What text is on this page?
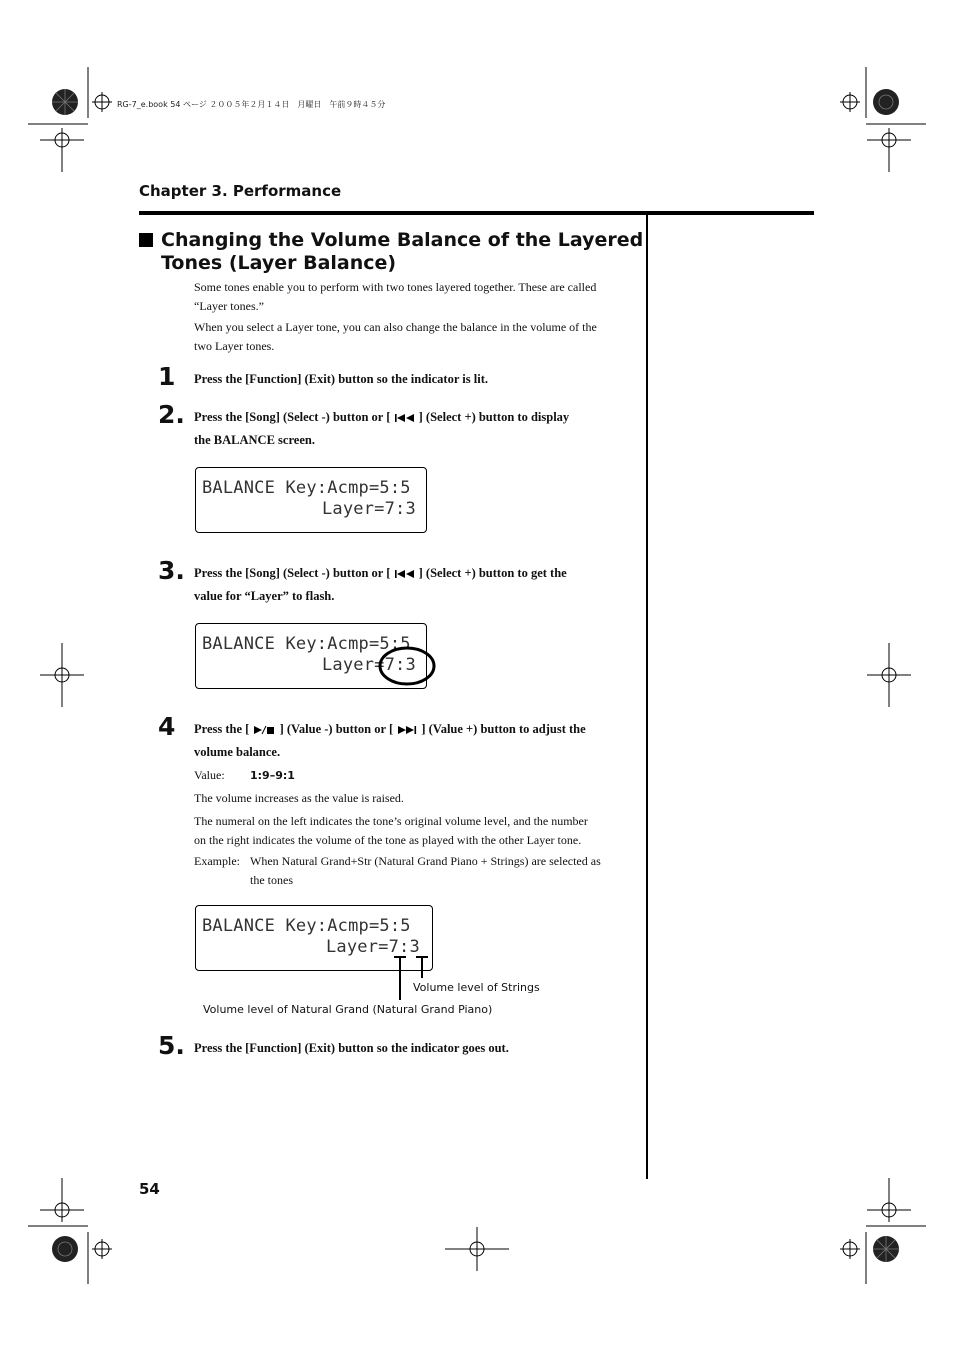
RG-7_e.book 54 ページ ２００５年２月１４日　月曜日　午前９時４５分
Chapter 3. Performance
Changing the Volume Balance of the Layered
Tones (Layer Balance)
Some tones enable you to perform with two tones layered together. These are called
“Layer tones.”
When you select a Layer tone, you can also change the balance in the volume of the
two Layer tones.
1 Press the [Function] (Exit) button so the indicator is lit.
2. Press the [Song] (Select -) button or [ ] (Select +) button to display
the BALANCE screen.
BALANCE Key:Acmp=5:5
Layer=7:3
3. Press the [Song] (Select -) button or [ ] (Select +) button to get the
value for “Layer” to flash.
BALANCE Key:Acmp=5:5
Layer=7:3
4 Press the [ ] (Value -) button or [ ] (Value +) button to adjust the
volume balance.
Value: 1:9–9:1
The volume increases as the value is raised.
The numeral on the left indicates the tone’s original volume level, and the number
on the right indicates the volume of the tone as played with the other Layer tone.
Example: When Natural Grand+Str (Natural Grand Piano + Strings) are selected as
the tones
BALANCE Key:Acmp=5:5
Layer=7:3
Volume level of Strings
Volume level of Natural Grand (Natural Grand Piano)
5. Press the [Function] (Exit) button so the indicator goes out.
54
